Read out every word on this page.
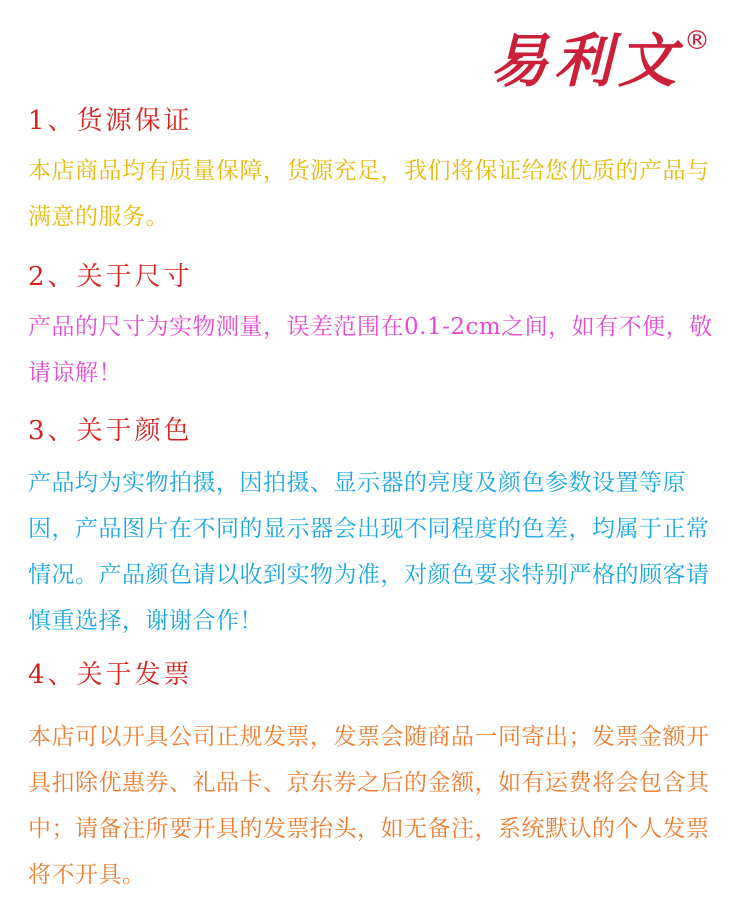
易利文 ®
1、货源保证
本店商品均有质量保障，货源充足，我们将保证给您优质的产品与满意的服务。
2、关于尺寸
产品的尺寸为实物测量，误差范围在0.1-2cm之间，如有不便，敬请谅解！
3、关于颜色
产品均为实物拍摄，因拍摄、显示器的亮度及颜色参数设置等原因，产品图片在不同的显示器会出现不同程度的色差，均属于正常情况。产品颜色请以收到实物为准，对颜色要求特别严格的顾客请慎重选择，谢谢合作！
4、关于发票
本店可以开具公司正规发票，发票会随商品一同寄出；发票金额开具扣除优惠券、礼品卡、京东券之后的金额，如有运费将会包含其中；请备注所要开具的发票抬头，如无备注，系统默认的个人发票将不开具。
